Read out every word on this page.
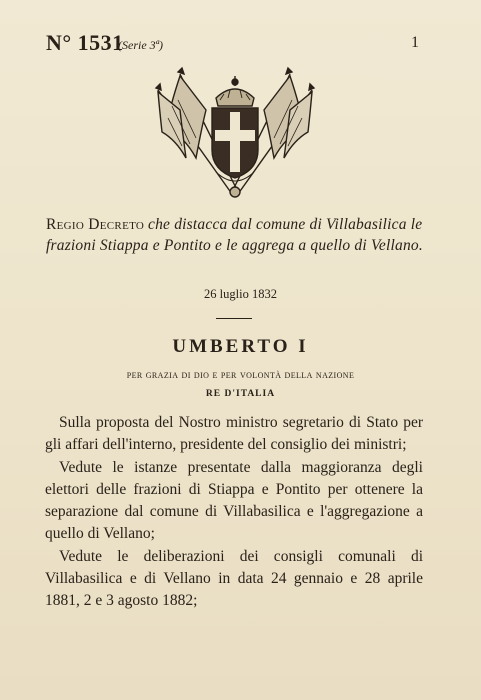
N° 1531
(Serie 3ª)	1
Regio Decreto che distacca dal comune di Villabasilica le frazioni Stiappa e Pontito e le aggrega a quello di Vellano.
26 luglio 1832
UMBERTO I
per grazia di dio e per volontà della nazione
RE D'ITALIA

Sulla proposta del Nostro ministro segretario di Stato per gli affari dell'interno, presidente del consiglio dei ministri;

Vedute le istanze presentate dalla maggioranza degli elettori delle frazioni di Stiappa e Pontito per ottenere la separazione dal comune di Villabasilica e l'aggregazione a quello di Vellano;

Vedute le deliberazioni dei consigli comunali di Villabasilica e di Vellano in data 24 gennaio e 28 aprile 1881, 2 e 3 agosto 1882;
